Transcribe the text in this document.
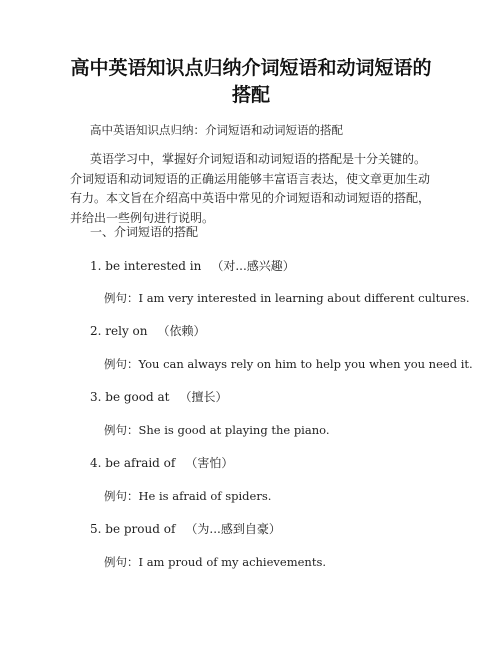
高中英语知识点归纳介词短语和动词短语的搭配
高中英语知识点归纳：介词短语和动词短语的搭配
英语学习中，掌握好介词短语和动词短语的搭配是十分关键的。介词短语和动词短语的正确运用能够丰富语言表达，使文章更加生动有力。本文旨在介绍高中英语中常见的介词短语和动词短语的搭配，并给出一些例句进行说明。
一、介词短语的搭配
1. be interested in （对...感兴趣）
例句：I am very interested in learning about different cultures.
2. rely on （依赖）
例句：You can always rely on him to help you when you need it.
3. be good at （擅长）
例句：She is good at playing the piano.
4. be afraid of （害怕）
例句：He is afraid of spiders.
5. be proud of （为...感到自豪）
例句：I am proud of my achievements.
